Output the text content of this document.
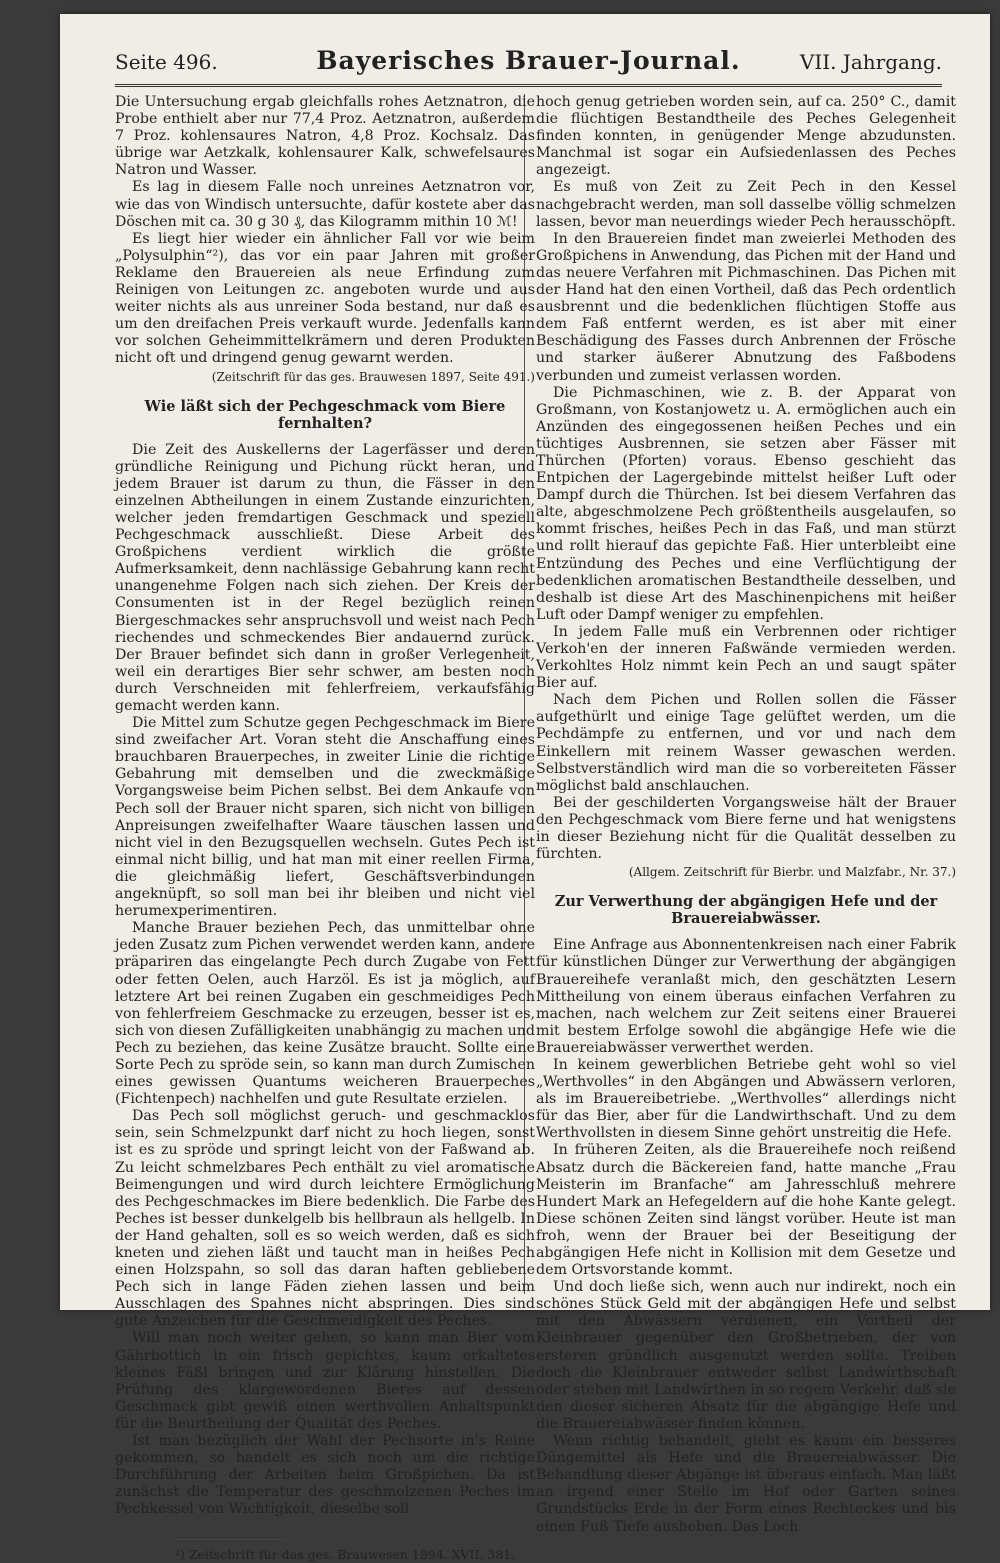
Seite 496.	Bayerisches Brauer-Journal.	VII. Jahrgang.

Die Untersuchung ergab gleichfalls rohes Aetznatron, die Probe enthielt aber nur 77,4 Proz. Aetznatron, außerdem 7 Proz. kohlensaures Natron, 4,8 Proz. Kochsalz. Das übrige war Aetzkalk, kohlensaurer Kalk, schwefelsaures Natron und Wasser.

Es lag in diesem Falle noch unreines Aetznatron vor, wie das von Windisch untersuchte, dafür kostete aber das Döschen mit ca. 30 g 30 ₰, das Kilogramm mithin 10 ℳ!

Es liegt hier wieder ein ähnlicher Fall vor wie beim „Polysulphin“²), das vor ein paar Jahren mit großer Reklame den Brauereien als neue Erfindung zum Reinigen von Leitungen zc. angeboten wurde und aus weiter nichts als aus unreiner Soda bestand, nur daß es um den dreifachen Preis verkauft wurde. Jedenfalls kann vor solchen Geheimmittelkrämern und deren Produkten nicht oft und dringend genug gewarnt werden.

(Zeitschrift für das ges. Brauwesen 1897, Seite 491.)

Wie läßt sich der Pechgeschmack vom Biere fernhalten?

Die Zeit des Auskellerns der Lagerfässer und deren gründliche Reinigung und Pichung rückt heran, und jedem Brauer ist darum zu thun, die Fässer in den einzelnen Abtheilungen in einem Zustande einzurichten, welcher jeden fremdartigen Geschmack und speziell Pechgeschmack ausschließt. Diese Arbeit des Großpichens verdient wirklich die größte Aufmerksamkeit, denn nachlässige Gebahrung kann recht unangenehme Folgen nach sich ziehen. Der Kreis der Consumenten ist in der Regel bezüglich reinen Biergeschmackes sehr anspruchsvoll und weist nach Pech riechendes und schmeckendes Bier andauernd zurück. Der Brauer befindet sich dann in großer Verlegenheit, weil ein derartiges Bier sehr schwer, am besten noch durch Verschneiden mit fehlerfreiem, verkaufsfähig gemacht werden kann.

Die Mittel zum Schutze gegen Pechgeschmack im Biere sind zweifacher Art. Voran steht die Anschaffung eines brauchbaren Brauerpeches, in zweiter Linie die richtige Gebahrung mit demselben und die zweckmäßige Vorgangsweise beim Pichen selbst. Bei dem Ankaufe von Pech soll der Brauer nicht sparen, sich nicht von billigen Anpreisungen zweifelhafter Waare täuschen lassen und nicht viel in den Bezugsquellen wechseln. Gutes Pech ist einmal nicht billig, und hat man mit einer reellen Firma, die gleichmäßig liefert, Geschäftsverbindungen angeknüpft, so soll man bei ihr bleiben und nicht viel herumexperimentiren.

Manche Brauer beziehen Pech, das unmittelbar ohne jeden Zusatz zum Pichen verwendet werden kann, andere präpariren das eingelangte Pech durch Zugabe von Fett oder fetten Oelen, auch Harzöl. Es ist ja möglich, auf letztere Art bei reinen Zugaben ein geschmeidiges Pech von fehlerfreiem Geschmacke zu erzeugen, besser ist es, sich von diesen Zufälligkeiten unabhängig zu machen und Pech zu beziehen, das keine Zusätze braucht. Sollte eine Sorte Pech zu spröde sein, so kann man durch Zumischen eines gewissen Quantums weicheren Brauerpeches (Fichtenpech) nachhelfen und gute Resultate erzielen.

Das Pech soll möglichst geruch- und geschmacklos sein, sein Schmelzpunkt darf nicht zu hoch liegen, sonst ist es zu spröde und springt leicht von der Faßwand ab. Zu leicht schmelzbares Pech enthält zu viel aromatische Beimengungen und wird durch leichtere Ermöglichung des Pechgeschmackes im Biere bedenklich. Die Farbe des Peches ist besser dunkelgelb bis hellbraun als hellgelb. In der Hand gehalten, soll es so weich werden, daß es sich kneten und ziehen läßt und taucht man in heißes Pech einen Holzspahn, so soll das daran haften gebliebene Pech sich in lange Fäden ziehen lassen und beim Ausschlagen des Spahnes nicht abspringen. Dies sind gute Anzeichen für die Geschmeidigkeit des Peches.

Will man noch weiter gehen, so kann man Bier vom Gährbottich in ein frisch gepichtes, kaum erkaltetes kleines Fäßl bringen und zur Klärung hinstellen. Die Prüfung des klargewordenen Bieres auf dessen Geschmack gibt gewiß einen werthvollen Anhaltspunkt für die Beurtheilung der Qualität des Peches.

Ist man bezüglich der Wahl der Pechsorte in's Reine gekommen, so handelt es sich noch um die richtige Durchführung der Arbeiten beim Großpichen. Da ist zunächst die Temperatur des geschmolzenen Peches im Pechkessel von Wichtigkeit, dieselbe soll

²) Zeitschrift für das ges. Brauwesen 1894. XVII. 381.

hoch genug getrieben worden sein, auf ca. 250° C., damit die flüchtigen Bestandtheile des Peches Gelegenheit finden konnten, in genügender Menge abzudunsten. Manchmal ist sogar ein Aufsiedenlassen des Peches angezeigt.

Es muß von Zeit zu Zeit Pech in den Kessel nachgebracht werden, man soll dasselbe völlig schmelzen lassen, bevor man neuerdings wieder Pech herausschöpft.

In den Brauereien findet man zweierlei Methoden des Großpichens in Anwendung, das Pichen mit der Hand und das neuere Verfahren mit Pichmaschinen. Das Pichen mit der Hand hat den einen Vortheil, daß das Pech ordentlich ausbrennt und die bedenklichen flüchtigen Stoffe aus dem Faß entfernt werden, es ist aber mit einer Beschädigung des Fasses durch Anbrennen der Frösche und starker äußerer Abnutzung des Faßbodens verbunden und zumeist verlassen worden.

Die Pichmaschinen, wie z. B. der Apparat von Großmann, von Kostanjowetz u. A. ermöglichen auch ein Anzünden des eingegossenen heißen Peches und ein tüchtiges Ausbrennen, sie setzen aber Fässer mit Thürchen (Pforten) voraus. Ebenso geschieht das Entpichen der Lagergebinde mittelst heißer Luft oder Dampf durch die Thürchen. Ist bei diesem Verfahren das alte, abgeschmolzene Pech größtentheils ausgelaufen, so kommt frisches, heißes Pech in das Faß, und man stürzt und rollt hierauf das gepichte Faß. Hier unterbleibt eine Entzündung des Peches und eine Verflüchtigung der bedenklichen aromatischen Bestandtheile desselben, und deshalb ist diese Art des Maschinenpichens mit heißer Luft oder Dampf weniger zu empfehlen.

In jedem Falle muß ein Verbrennen oder richtiger Verkoh'en der inneren Faßwände vermieden werden. Verkohltes Holz nimmt kein Pech an und saugt später Bier auf.

Nach dem Pichen und Rollen sollen die Fässer aufgethürlt und einige Tage gelüftet werden, um die Pechdämpfe zu entfernen, und vor und nach dem Einkellern mit reinem Wasser gewaschen werden. Selbstverständlich wird man die so vorbereiteten Fässer möglichst bald anschlauchen.

Bei der geschilderten Vorgangsweise hält der Brauer den Pechgeschmack vom Biere ferne und hat wenigstens in dieser Beziehung nicht für die Qualität desselben zu fürchten.

(Allgem. Zeitschrift für Bierbr. und Malzfabr., Nr. 37.)

Zur Verwerthung der abgängigen Hefe und der Brauereiabwässer.

Eine Anfrage aus Abonnentenkreisen nach einer Fabrik für künstlichen Dünger zur Verwerthung der abgängigen Brauereihefe veranlaßt mich, den geschätzten Lesern Mittheilung von einem überaus einfachen Verfahren zu machen, nach welchem zur Zeit seitens einer Brauerei mit bestem Erfolge sowohl die abgängige Hefe wie die Brauereiabwässer verwerthet werden.

In keinem gewerblichen Betriebe geht wohl so viel „Werthvolles“ in den Abgängen und Abwässern verloren, als im Brauereibetriebe. „Werthvolles“ allerdings nicht für das Bier, aber für die Landwirthschaft. Und zu dem Werthvollsten in diesem Sinne gehört unstreitig die Hefe.

In früheren Zeiten, als die Brauereihefe noch reißend Absatz durch die Bäckereien fand, hatte manche „Frau Meisterin im Branfache“ am Jahresschluß mehrere Hundert Mark an Hefegeldern auf die hohe Kante gelegt. Diese schönen Zeiten sind längst vorüber. Heute ist man froh, wenn der Brauer bei der Beseitigung der abgängigen Hefe nicht in Kollision mit dem Gesetze und dem Ortsvorstande kommt.

Und doch ließe sich, wenn auch nur indirekt, noch ein schönes Stück Geld mit der abgängigen Hefe und selbst mit den Abwässern verdienen, ein Vortheil der Kleinbrauer gegenüber den Großbetrieben, der von ersteren gründlich ausgenutzt werden sollte. Treiben doch die Kleinbrauer entweder selbst Landwirthschaft oder stehen mit Landwirthen in so regem Verkehr, daß sie den dieser sicheren Absatz für die abgängige Hefe und die Brauereiabwässer finden können.

Wenn richtig behandelt, giebt es kaum ein besseres Düngemittel als Hefe und die Brauereiabwässer. Die Behandlung dieser Abgänge ist überaus einfach. Man läßt an irgend einer Stelle im Hof oder Garten seines Grundstücks Erde in der Form eines Rechteckes und bis einen Fuß Tiefe ausheben. Das Loch
